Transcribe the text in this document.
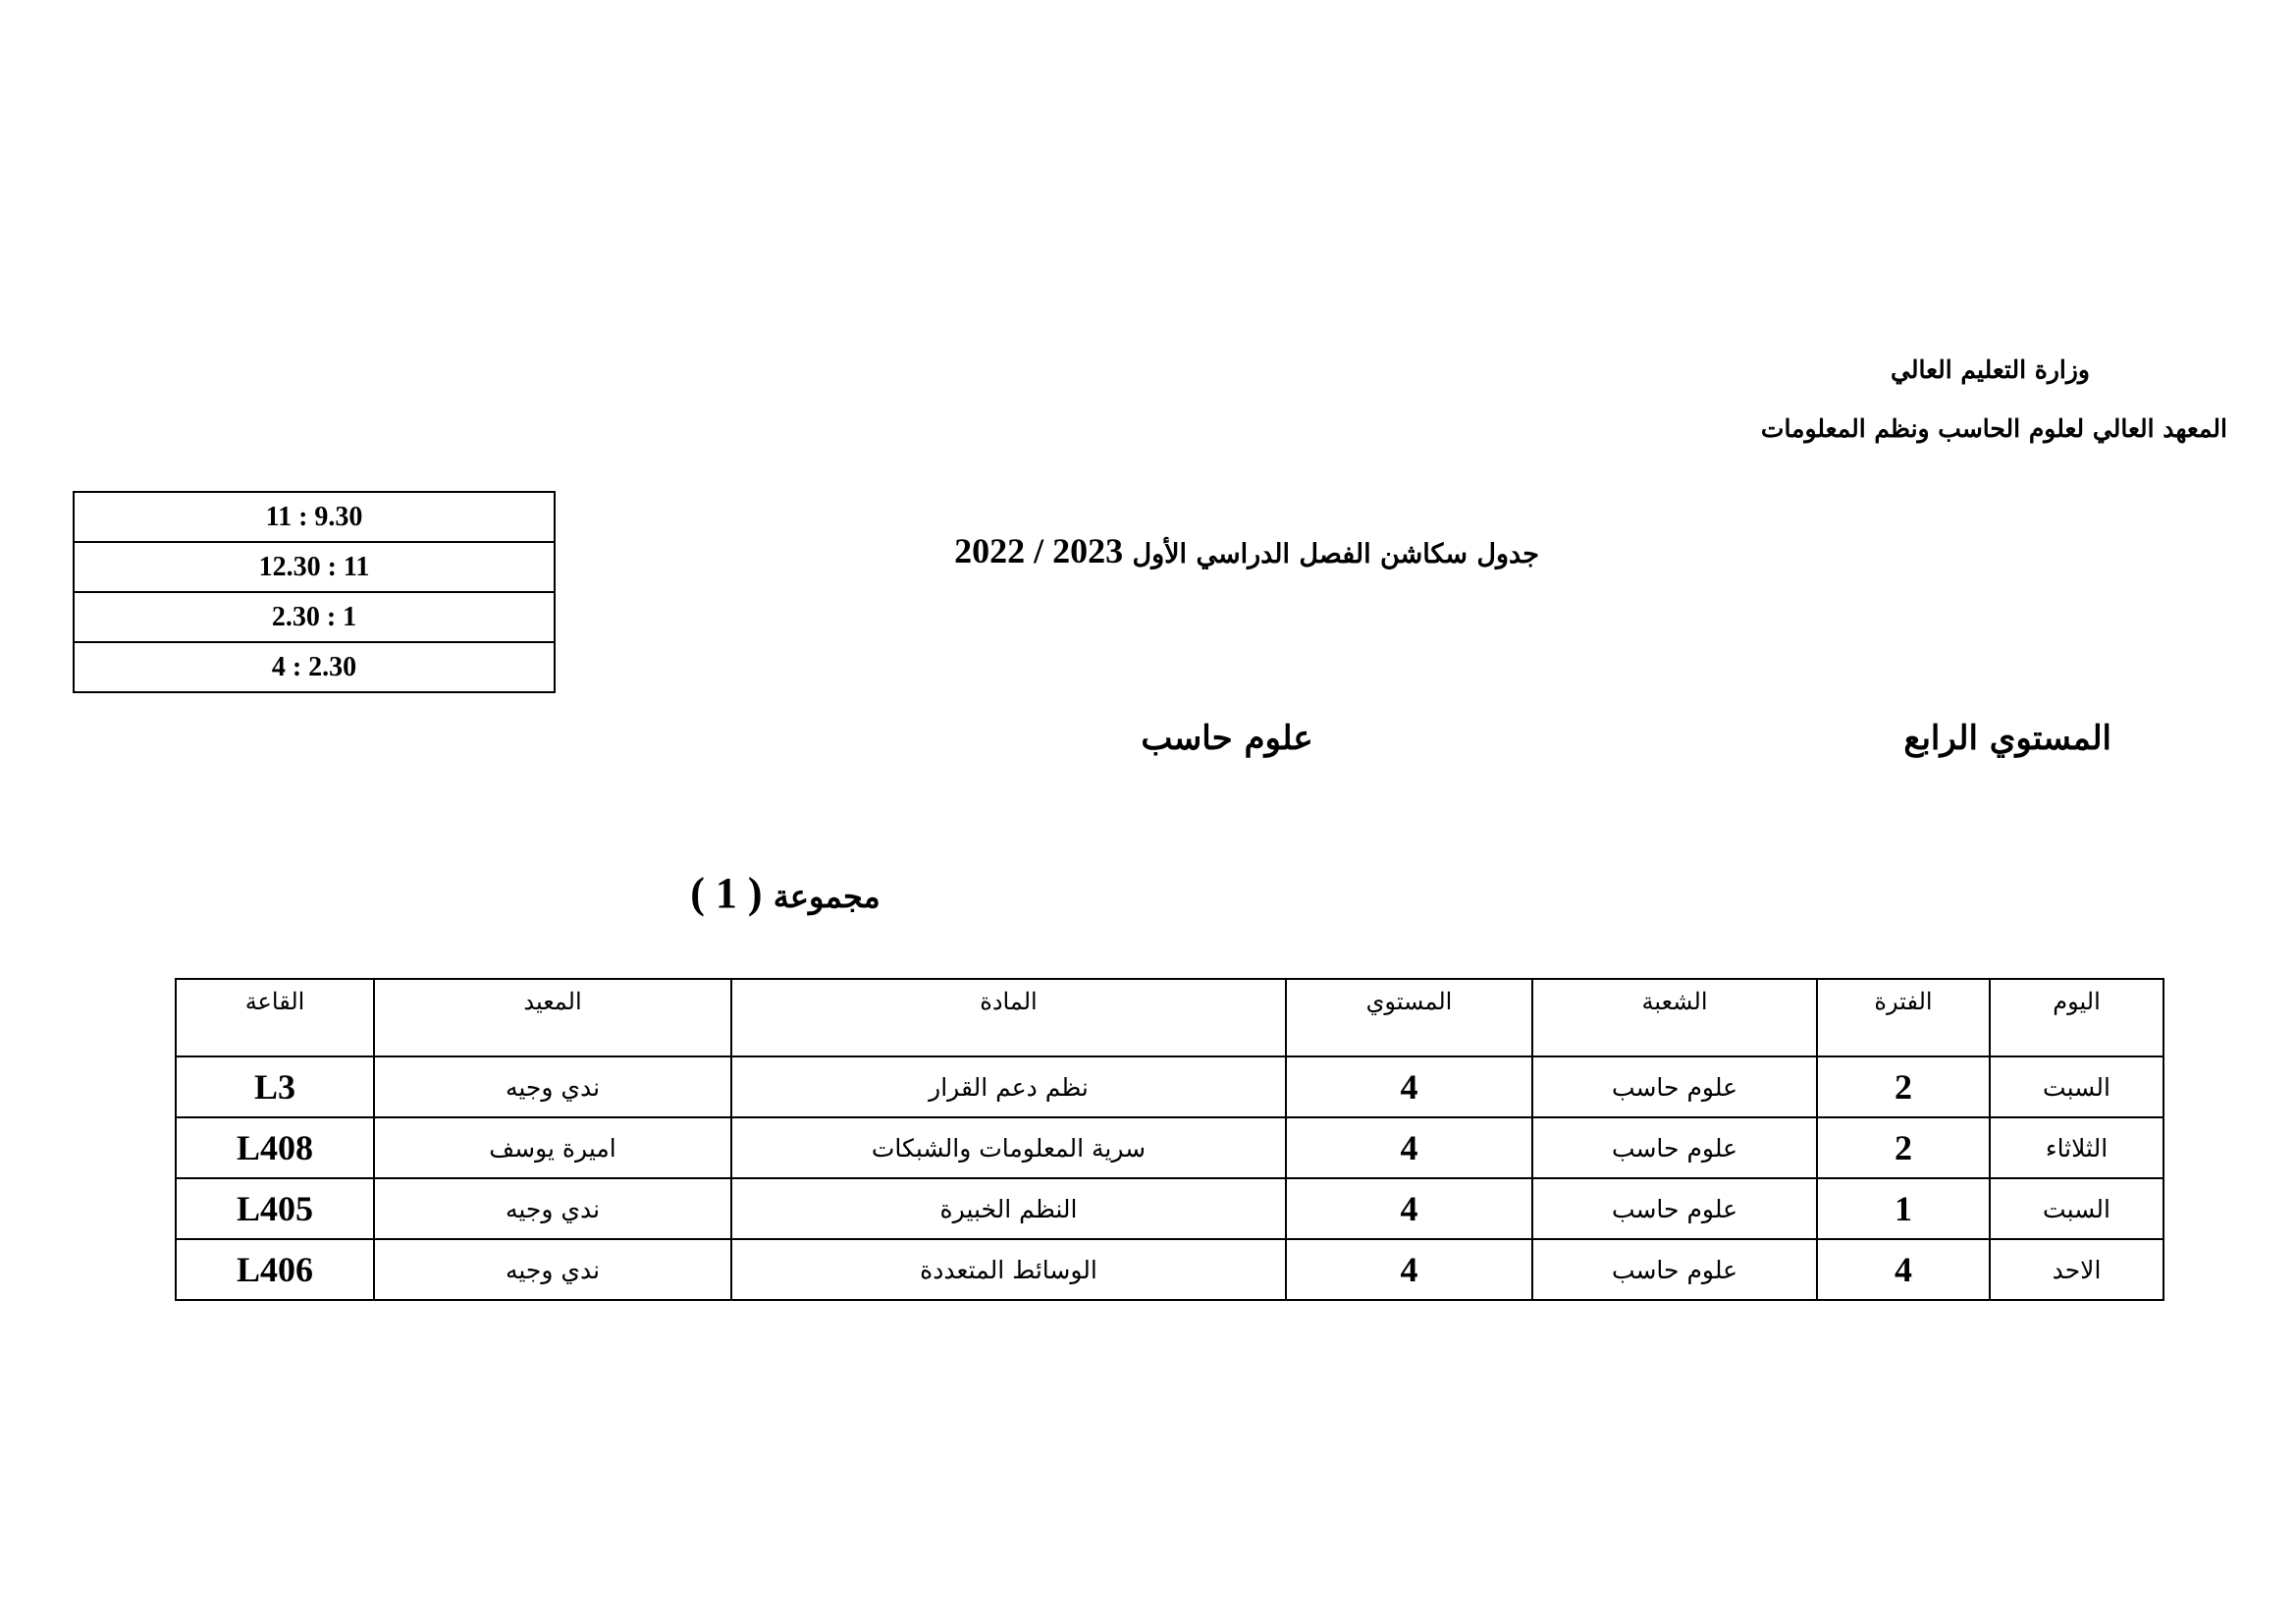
وزارة التعليم العالي
المعهد العالي لعلوم الحاسب ونظم المعلومات
11 : 9.30
12.30 : 11
2.30 : 1
4 : 2.30
جدول سكاشن الفصل الدراسي الأول 2022 / 2023
المستوي الرابع
علوم حاسب
مجموعة ( 1 )
اليوم	الفترة	الشعبة	المستوي	المادة	المعيد	القاعة
السبت	2	علوم حاسب	4	نظم دعم القرار	ندي وجيه	L3
الثلاثاء	2	علوم حاسب	4	سرية المعلومات والشبكات	اميرة يوسف	L408
السبت	1	علوم حاسب	4	النظم الخبيرة	ندي وجيه	L405
الاحد	4	علوم حاسب	4	الوسائط المتعددة	ندي وجيه	L406
